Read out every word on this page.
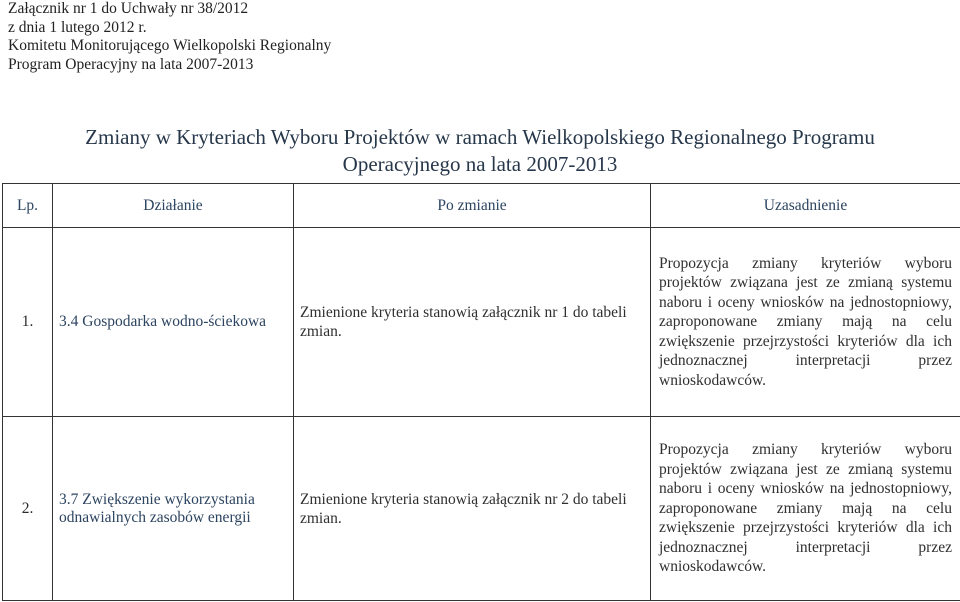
Załącznik nr 1 do Uchwały nr 38/2012
z dnia 1 lutego 2012 r.
Komitetu Monitorującego Wielkopolski Regionalny
Program Operacyjny na lata 2007-2013
Zmiany w Kryteriach Wyboru Projektów w ramach Wielkopolskiego Regionalnego Programu
Operacyjnego na lata 2007-2013
Lp.	Działanie	Po zmianie	Uzasadnienie
1.	3.4 Gospodarka wodno-ściekowa	Zmienione kryteria stanowią załącznik nr 1 do tabeli zmian.	Propozycja zmiany kryteriów wyboru projektów związana jest ze zmianą systemu naboru i oceny wniosków na jednostopniowy, zaproponowane zmiany mają na celu zwiększenie przejrzystości kryteriów dla ich jednoznacznej interpretacji przez wnioskodawców.
2.	3.7 Zwiększenie wykorzystania odnawialnych zasobów energii	Zmienione kryteria stanowią załącznik nr 2 do tabeli zmian.	Propozycja zmiany kryteriów wyboru projektów związana jest ze zmianą systemu naboru i oceny wniosków na jednostopniowy, zaproponowane zmiany mają na celu zwiększenie przejrzystości kryteriów dla ich jednoznacznej interpretacji przez wnioskodawców.
